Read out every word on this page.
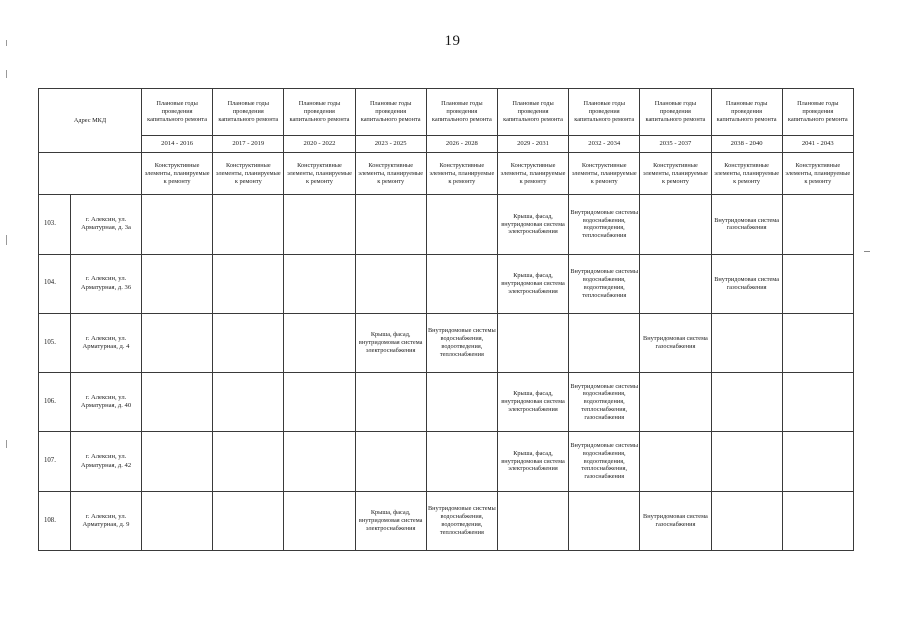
19
Адрес МКД		Плановые годы проведения капитального ремонта	Плановые годы проведения капитального ремонта	Плановые годы проведения капитального ремонта	Плановые годы проведения капитального ремонта	Плановые годы проведения капитального ремонта	Плановые годы проведения капитального ремонта	Плановые годы проведения капитального ремонта	Плановые годы проведения капитального ремонта	Плановые годы проведения капитального ремонта	Плановые годы проведения капитального ремонта
		2014 - 2016	2017 - 2019	2020 - 2022	2023 - 2025	2026 - 2028	2029 - 2031	2032 - 2034	2035 - 2037	2038 - 2040	2041 - 2043
		Конструктивные элементы, планируемые к ремонту	Конструктивные элементы, планируемые к ремонту	Конструктивные элементы, планируемые к ремонту	Конструктивные элементы, планируемые к ремонту	Конструктивные элементы, планируемые к ремонту	Конструктивные элементы, планируемые к ремонту	Конструктивные элементы, планируемые к ремонту	Конструктивные элементы, планируемые к ремонту	Конструктивные элементы, планируемые к ремонту	Конструктивные элементы, планируемые к ремонту
103.	г. Алексин, ул. Арматурная, д. 3а						Крыша, фасад, внутридомовая система электроснабжения	Внутридомовые системы водоснабжения, водоотведения, теплоснабжения		Внутридомовая система газоснабжения	
104.	г. Алексин, ул. Арматурная, д. 36						Крыша, фасад, внутридомовая система электроснабжения	Внутридомовые системы водоснабжения, водоотведения, теплоснабжения		Внутридомовая система газоснабжения	
105.	г. Алексин, ул. Арматурная, д. 4				Крыша, фасад, внутридомовая система электроснабжения	Внутридомовые системы водоснабжения, водоотведения, теплоснабжения			Внутридомовая система газоснабжения		
106.	г. Алексин, ул. Арматурная, д. 40						Крыша, фасад, внутридомовая система электроснабжения	Внутридомовые системы водоснабжения, водоотведения, теплоснабжения, газоснабжения			
107.	г. Алексин, ул. Арматурная, д. 42						Крыша, фасад, внутридомовая система электроснабжения	Внутридомовые системы водоснабжения, водоотведения, теплоснабжения, газоснабжения			
108.	г. Алексин, ул. Арматурная, д. 9				Крыша, фасад, внутридомовая система электроснабжения	Внутридомовые системы водоснабжения, водоотведения, теплоснабжения			Внутридомовая система газоснабжения		
